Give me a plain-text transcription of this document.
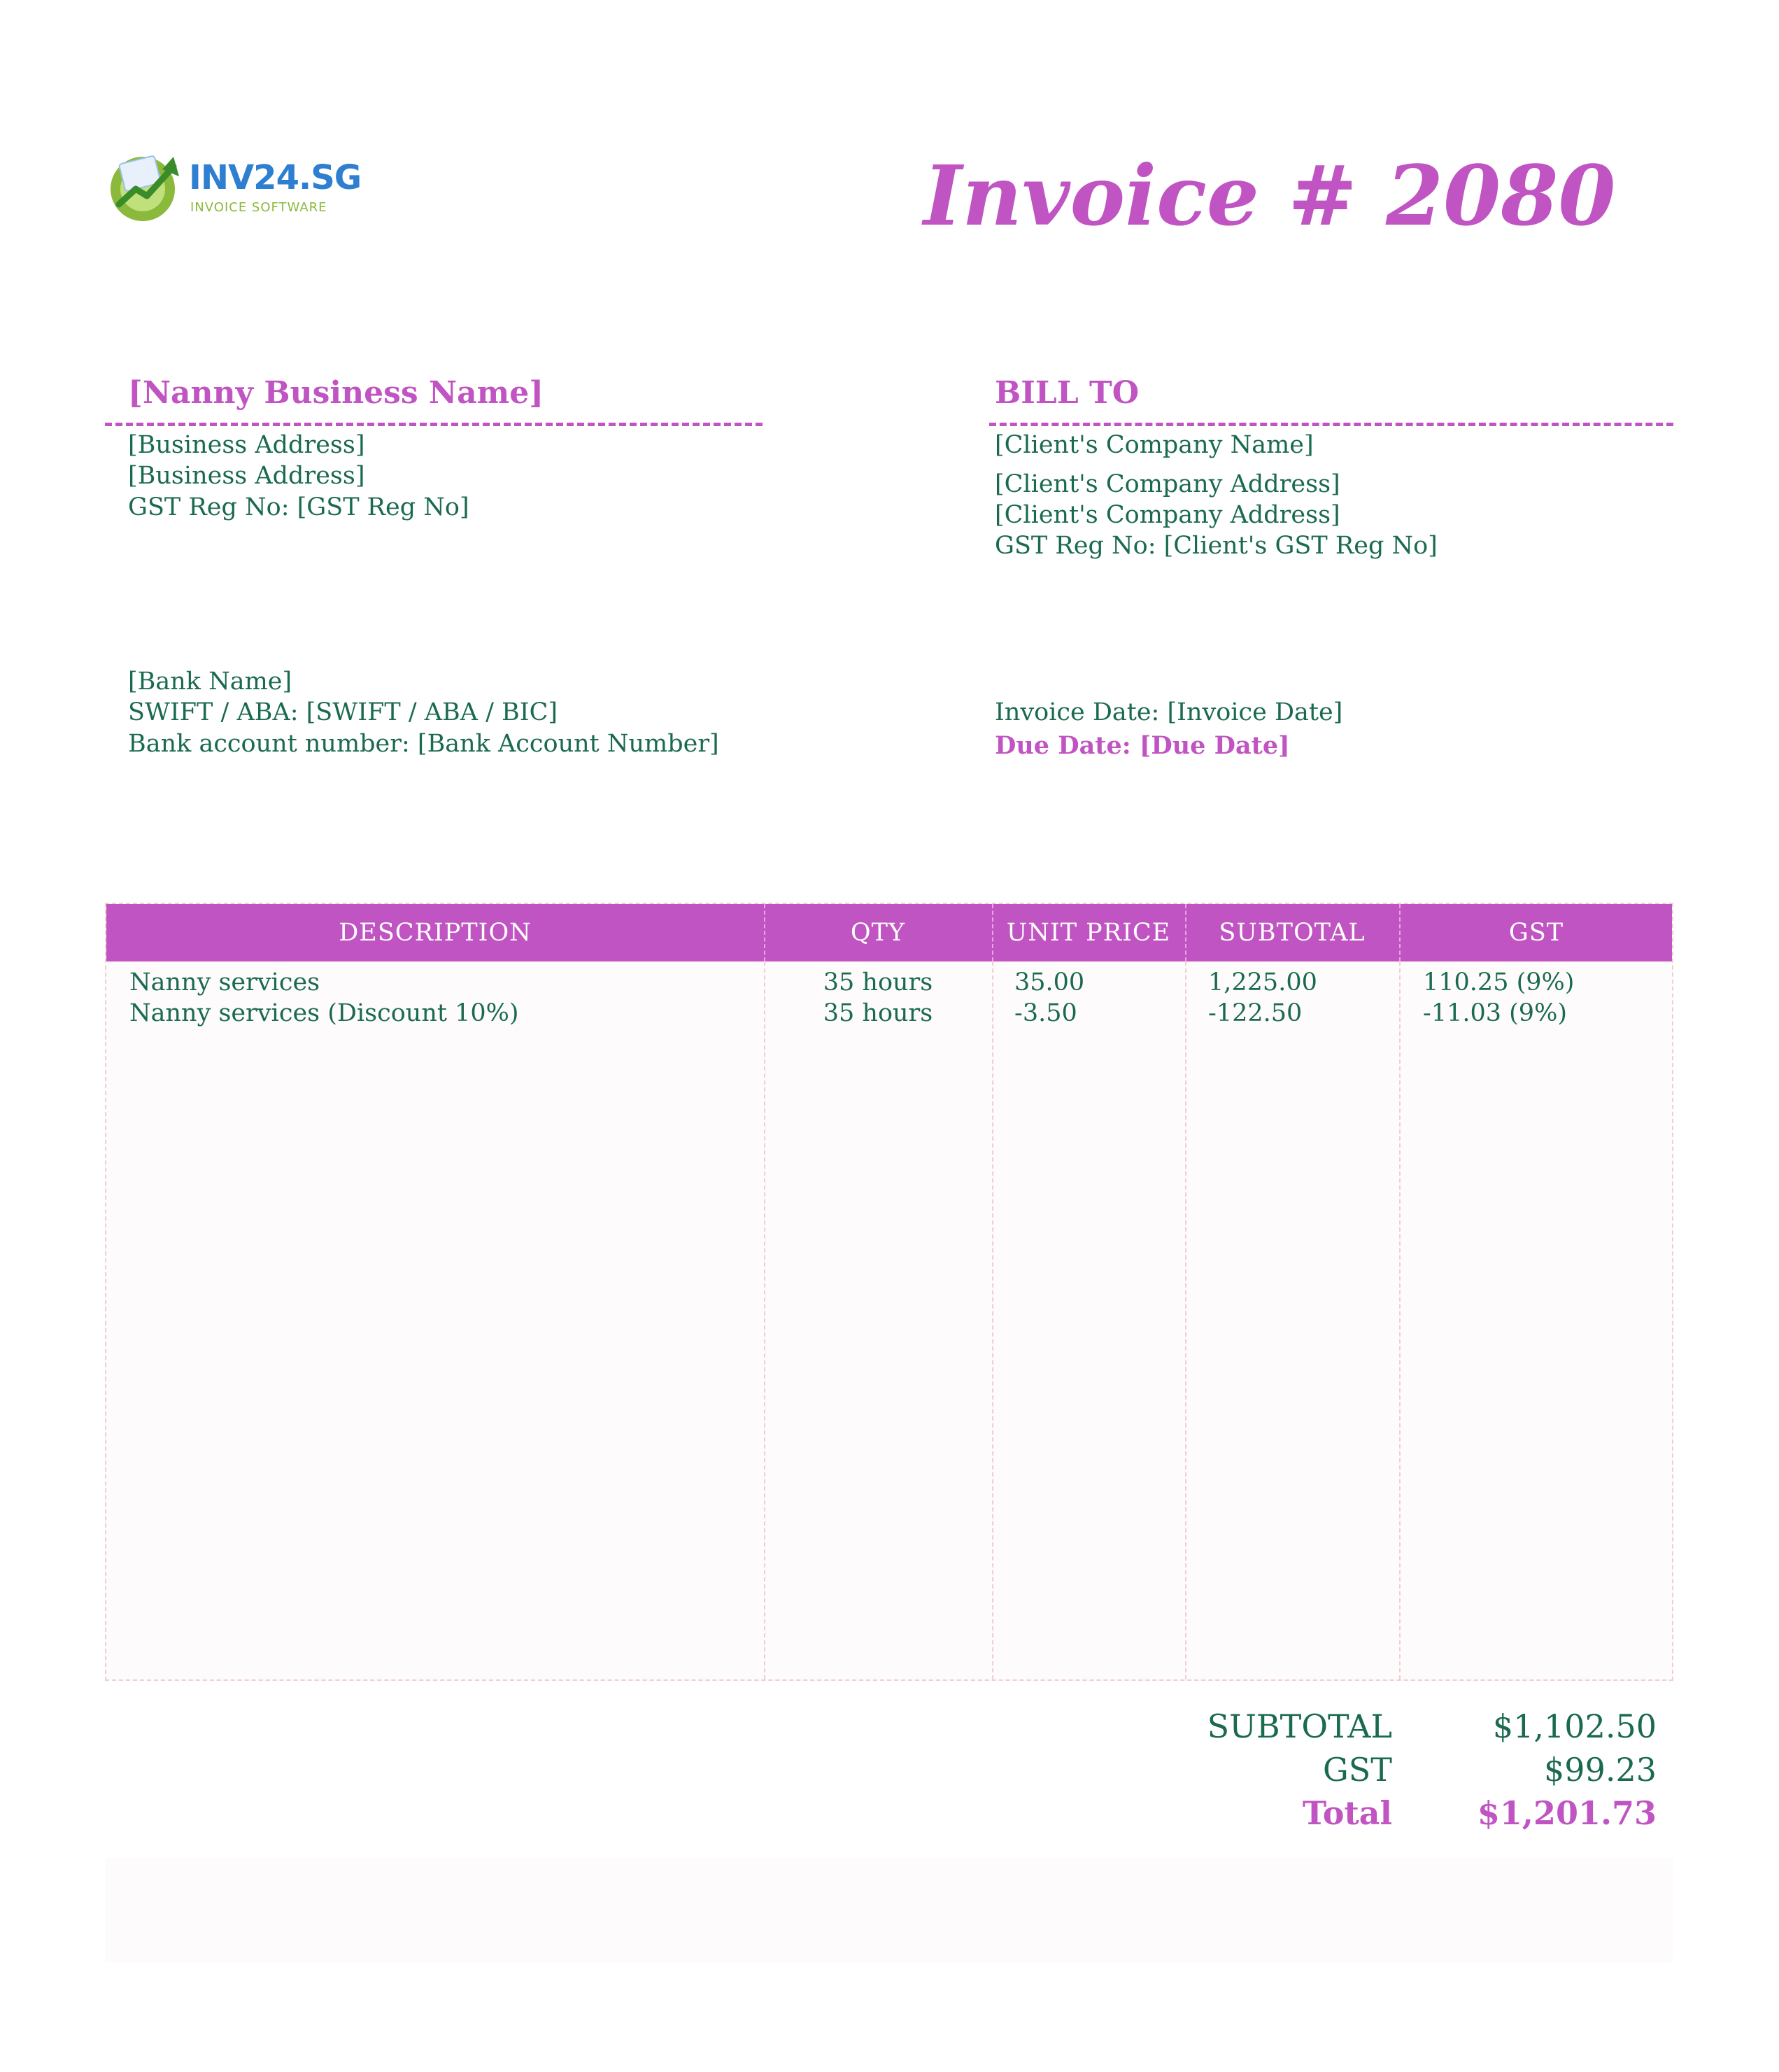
INV24.SG
INVOICE SOFTWARE	Invoice # 2080
[Nanny Business Name]
[Business Address]
[Business Address]
GST Reg No: [GST Reg No]
BILL TO
[Client's Company Name]
[Client's Company Address]
[Client's Company Address]
GST Reg No: [Client's GST Reg No]
[Bank Name]
SWIFT / ABA: [SWIFT / ABA / BIC]
Bank account number: [Bank Account Number]
Invoice Date: [Invoice Date]
Due Date: [Due Date]
DESCRIPTION	QTY	UNIT PRICE	SUBTOTAL	GST
Nanny services	35 hours	35.00	1,225.00	110.25 (9%)
Nanny services (Discount 10%)	35 hours	-3.50	-122.50	-11.03 (9%)
SUBTOTAL	$1,102.50
GST	$99.23
Total	$1,201.73
